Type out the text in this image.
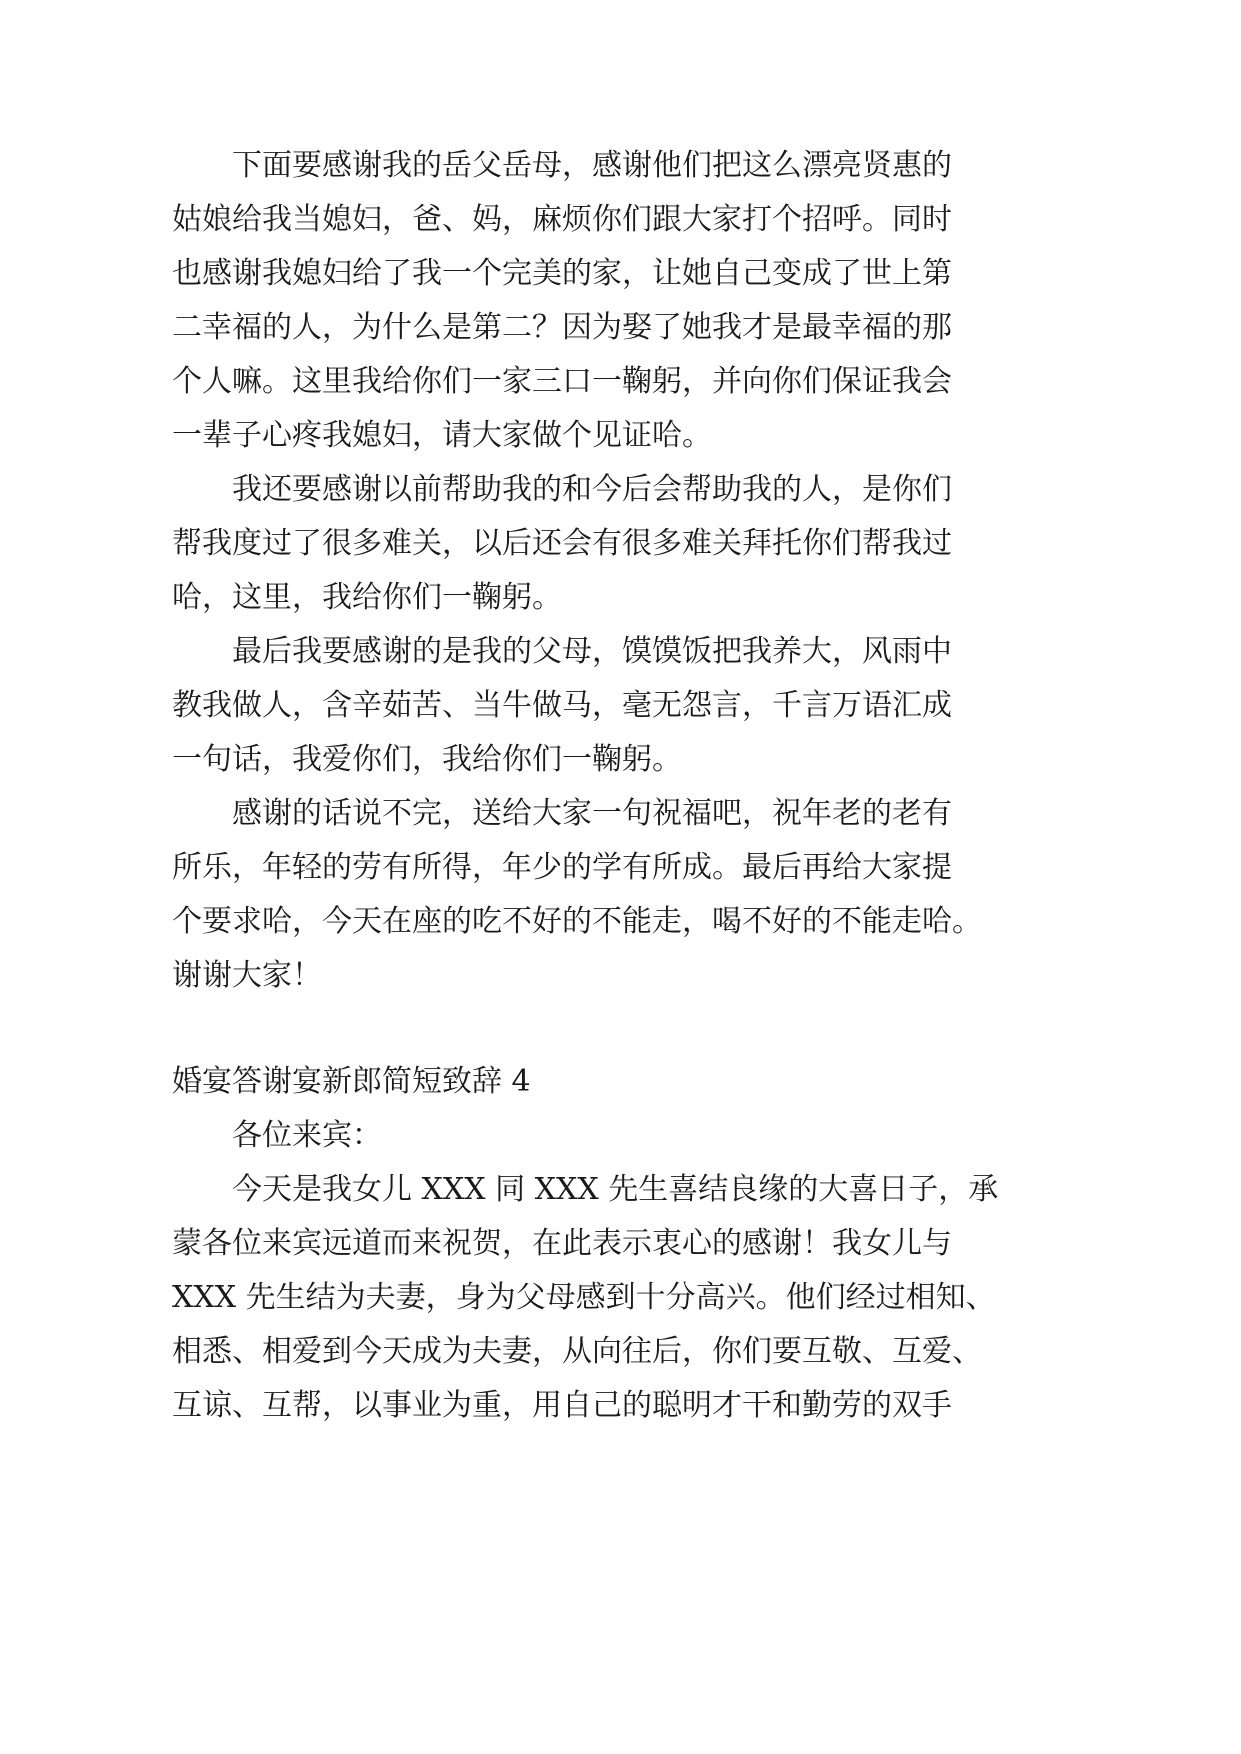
下面要感谢我的岳父岳母，感谢他们把这么漂亮贤惠的
姑娘给我当媳妇，爸、妈，麻烦你们跟大家打个招呼。同时
也感谢我媳妇给了我一个完美的家，让她自己变成了世上第
二幸福的人，为什么是第二？因为娶了她我才是最幸福的那
个人嘛。这里我给你们一家三口一鞠躬，并向你们保证我会
一辈子心疼我媳妇，请大家做个见证哈。
我还要感谢以前帮助我的和今后会帮助我的人，是你们
帮我度过了很多难关，以后还会有很多难关拜托你们帮我过
哈，这里，我给你们一鞠躬。
最后我要感谢的是我的父母，馍馍饭把我养大，风雨中
教我做人，含辛茹苦、当牛做马，毫无怨言，千言万语汇成
一句话，我爱你们，我给你们一鞠躬。
感谢的话说不完，送给大家一句祝福吧，祝年老的老有
所乐，年轻的劳有所得，年少的学有所成。最后再给大家提
个要求哈，今天在座的吃不好的不能走，喝不好的不能走哈。
谢谢大家！
婚宴答谢宴新郎简短致辞 4
各位来宾：
今天是我女儿 XXX 同 XXX 先生喜结良缘的大喜日子，承
蒙各位来宾远道而来祝贺，在此表示衷心的感谢！我女儿与
XXX 先生结为夫妻，身为父母感到十分高兴。他们经过相知、
相悉、相爱到今天成为夫妻，从向往后，你们要互敬、互爱、
互谅、互帮，以事业为重，用自己的聪明才干和勤劳的双手
